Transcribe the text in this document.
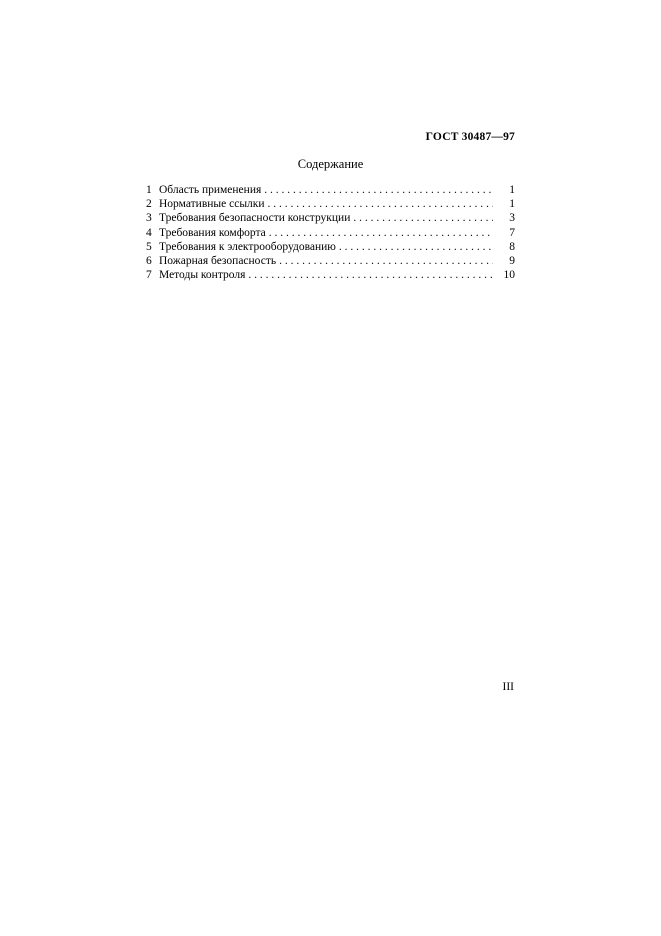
ГОСТ 30487—97
Содержание
1 Область применения . . .	1
2 Нормативные ссылки . . .	1
3 Требования безопасности конструкции . . .	3
4 Требования комфорта . . .	7
5 Требования к электрооборудованию . . .	8
6 Пожарная безопасность . . .	9
7 Методы контроля . . .	10
III
